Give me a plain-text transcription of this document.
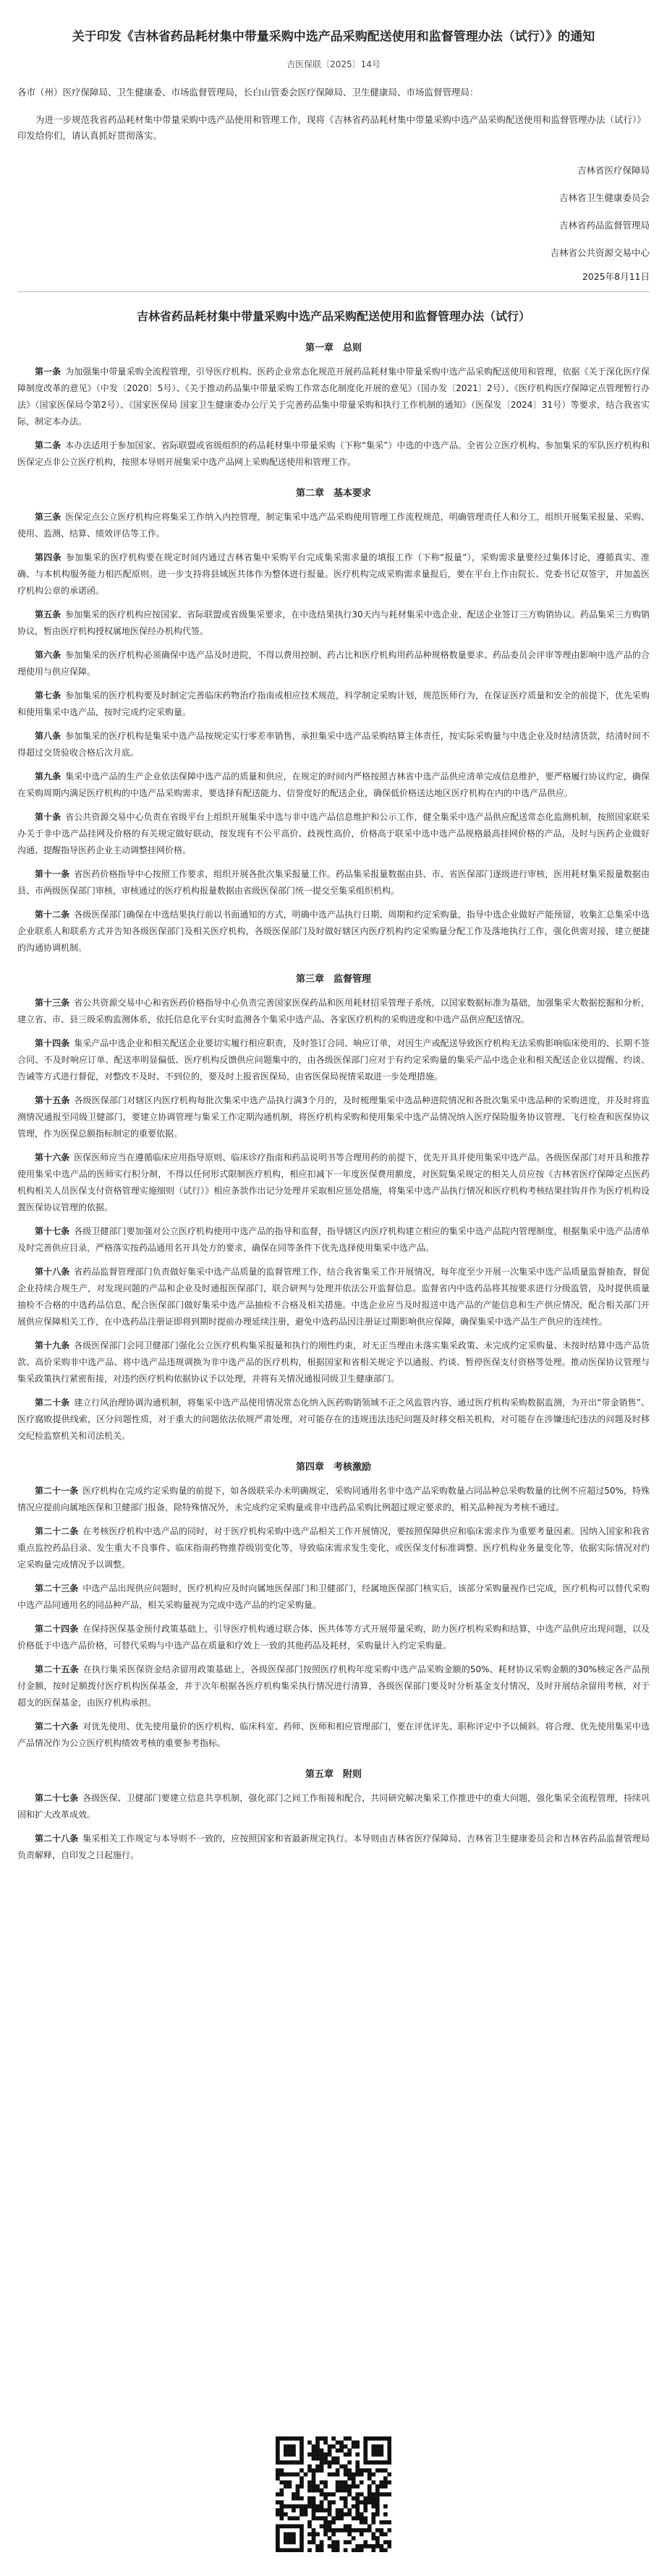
关于印发《吉林省药品耗材集中带量采购中选产品采购配送使用和监督管理办法（试行）》的通知
吉医保联〔2025〕14号
各市（州）医疗保障局、卫生健康委、市场监督管理局，长白山管委会医疗保障局、卫生健康局、市场监督管理局：

为进一步规范我省药品耗材集中带量采购中选产品使用和管理工作，现将《吉林省药品耗材集中带量采购中选产品采购配送使用和监督管理办法（试行）》印发给你们，请认真抓好贯彻落实。

吉林省医疗保障局
吉林省卫生健康委员会
吉林省药品监督管理局
吉林省公共资源交易中心
2025年8月11日
吉林省药品耗材集中带量采购中选产品采购配送使用和监督管理办法（试行）
第一章　总则

第一条 为加强集中带量采购全流程管理，引导医疗机构、医药企业常态化规范开展药品耗材集中带量采购中选产品采购配送使用和管理，依据《关于深化医疗保障制度改革的意见》（中发〔2020〕5号）、《关于推动药品集中带量采购工作常态化制度化开展的意见》（国办发〔2021〕2号）、《医疗机构医疗保障定点管理暂行办法》（国家医保局令第2号）、《国家医保局 国家卫生健康委办公厅关于完善药品集中带量采购和执行工作机制的通知》（医保发〔2024〕31号）等要求，结合我省实际，制定本办法。

第二条 本办法适用于参加国家、省际联盟或省级组织的药品耗材集中带量采购（下称“集采”）中选的中选产品。全省公立医疗机构、参加集采的军队医疗机构和医保定点非公立医疗机构，按照本导则开展集采中选产品网上采购配送使用和管理工作。

第二章　基本要求

第三条 医保定点公立医疗机构应将集采工作纳入内控管理，制定集采中选产品采购使用管理工作流程规范，明确管理责任人和分工，组织开展集采报量、采购、使用、监测、结算、绩效评估等工作。

第四条 参加集采的医疗机构要在规定时间内通过吉林省集中采购平台完成集采需求量的填报工作（下称“报量”），采购需求量要经过集体讨论，遵循真实、准确、与本机构服务能力相匹配原则。进一步支持将县域医共体作为整体进行报量。医疗机构完成采购需求量报后，要在平台上作由院长、党委书记双签字，并加盖医疗机构公章的承诺函。

第五条 参加集采的医疗机构应按国家、省际联盟或省级集采要求，在中选结果执行30天内与耗材集采中选企业、配送企业签订三方购销协议。药品集采三方购销协议，暂由医疗机构授权属地医保经办机构代签。

第六条 参加集采的医疗机构必须确保中选产品及时进院，不得以费用控制、药占比和医疗机构用药品种规格数量要求、药品委员会评审等理由影响中选产品的合理使用与供应保障。

第七条 参加集采的医疗机构要及时制定完善临床药物治疗指南或相应技术规范，科学制定采购计划，规范医师行为，在保证医疗质量和安全的前提下，优先采购和使用集采中选产品，按时完成约定采购量。

第八条 参加集采的医疗机构是集采中选产品按规定实行零差率销售，承担集采中选产品采购结算主体责任，按实际采购量与中选企业及时结清货款，结清时间不得超过交货验收合格后次月底。

第九条 集采中选产品的生产企业依法保障中选产品的质量和供应，在规定的时间内严格按照吉林省中选产品供应清单完成信息维护，要严格履行协议约定，确保在采购周期内满足医疗机构的中选产品采购需求，要选择有配送能力、信誉度好的配送企业，确保低价格送达地区医疗机构在内的中选产品供应。

第十条 省公共资源交易中心负责在省级平台上组织开展集采中选与非中选产品信息维护和公示工作，健全集采中选产品供应配送常态化监测机制，按照国家联采办关于非中选产品挂网及价格的有关规定做好联动，按发现有不公平高价、歧视性高价，价格高于联采中选中选产品规格最高挂网价格的产品，及时与医药企业做好沟通、提醒指导医药企业主动调整挂网价格。

第十一条 省医药价格指导中心按照工作要求，组织开展各批次集采报量工作。药品集采报量数据由县、市、省医保部门逐级进行审核，医用耗材集采报量数据由县、市两级医保部门审核，审核通过的医疗机构报量数据由省级医保部门统一提交至集采组织机构。

第十二条 各级医保部门确保在中选结果执行前以书面通知的方式，明确中选产品执行日期、周期和约定采购量，指导中选企业做好产能预留，收集汇总集采中选企业联系人和联系方式并告知各级医保部门及相关医疗机构，各级医保部门及时做好辖区内医疗机构约定采购量分配工作及落地执行工作，强化供需对接，建立便捷的沟通协调机制。

第三章　监督管理

第十三条 省公共资源交易中心和省医药价格指导中心负责完善国家医保药品和医用耗材招采管理子系统，以国家数据标准为基础，加强集采大数据挖掘和分析，建立省、市、县三级采购监测体系，依托信息化平台实时监测各个集采中选产品、各家医疗机构的采购进度和中选产品供应配送情况。

第十四条 集采产品中选企业和相关配送企业要切实履行相应职责，及时签订合同、响应订单，对因生产或配送导致医疗机构无法采购影响临床使用的、长期不签合同、不及时响应订单、配送率明显偏低、医疗机构反馈供应问题集中的，由各级医保部门应对于有约定采购量的集采产品中选企业和相关配送企业以提醒、约谈、告诫等方式进行督促，对整改不及时、不到位的，要及时上报省医保局，由省医保局视情采取进一步处理措施。

第十五条 各级医保部门对辖区内医疗机构每批次集采中选产品执行满3个月的，及时梳理集采中选品种进院情况和各批次集采中选品种的采购进度，并及时将监测情况通报至同级卫健部门，要建立协调管理与集采工作定期沟通机制，将医疗机构采购和使用集采中选产品情况纳入医疗保险服务协议管理、飞行检查和医保协议管理，作为医保总额指标制定的重要依据。

第十六条 医保医师应当在遵循临床应用指导原则、临床诊疗指南和药品说明书等合理用药的前提下，优先开具并使用集采中选产品。各级医保部门对开具和推荐使用集采中选产品的医师实行积分制，不得以任何形式限制医疗机构，相应扣减下一年度医保费用额度，对医院集采规定的相关人员应按《吉林省医疗保障定点医药机构相关人员医保支付资格管理实施细则（试行）》相应条款作出记分处理并采取相应惩处措施，将集采中选产品执行情况和医疗机构考核结果挂钩并作为医疗机构设置医保协议管理的依据。

第十七条 各级卫健部门要加强对公立医疗机构使用中选产品的指导和监督，指导辖区内医疗机构建立相应的集采中选产品院内管理制度，根据集采中选产品清单及时完善供应目录，严格落实按药品通用名开具处方的要求，确保在同等条件下优先选择使用集采中选产品。

第十八条 省药品监督管理部门负责做好集采中选产品质量的监督管理工作，结合我省集采工作开展情况，每年度至少开展一次集采中选产品质量监督抽查，督促企业持续合规生产，对发现问题的产品和企业及时通报医保部门，联合研判与处理并依法公开监督信息。监督省内中选药品将其按要求进行分级监管，及时提供质量抽检不合格的中选药品信息，配合医保部门做好集采中选产品抽检不合格及相关措施。中选企业应当及时报送中选产品的产能信息和生产供应情况，配合相关部门开展供应保障相关工作，在中选药品注册证即将到期时提前办理延续注册，避免中选药品因注册证过期影响供应保障，确保集采中选产品生产供应的连续性。

第十九条 各级医保部门会同卫健部门强化公立医疗机构集采报量和执行的刚性约束，对无正当理由未落实集采政策、未完成约定采购量、未按时结算中选产品货款、高价采购非中选产品、将中选产品违规调换为非中选产品的医疗机构，根据国家和省相关规定予以通报、约谈、暂停医保支付资格等处理。推动医保协议管理与集采政策执行紧密衔接，对违约医疗机构依据协议予以处理，并将有关情况通报同级卫生健康部门。

第二十条 建立行风治理协调沟通机制，将集采中选产品使用情况常态化纳入医药购销领域不正之风监管内容，通过医疗机构采购数据监测，为开出“带金销售”、医疗腐败提供线索，区分问题性质，对于重大的问题依法依规严肃处理，对可能存在的违规违法违纪问题及时移交相关机构，对可能存在涉嫌违纪违法的问题及时移交纪检监察机关和司法机关。

第四章　考核激励

第二十一条 医疗机构在完成约定采购量的前提下，如各级联采办未明确规定，采购同通用名非中选产品采购数量占同品种总采购数量的比例不应超过50%，特殊情况应提前向属地医保和卫健部门报备，除特殊情况外，未完成约定采购量或非中选药品采购比例超过规定要求的，相关品种视为考核不通过。

第二十二条 在考核医疗机构中选产品的同时，对于医疗机构采购中选产品相关工作开展情况，要按照保障供应和临床需求作为重要考量因素。因纳入国家和我省重点监控药品目录、发生重大不良事件、临床指南药物推荐级别变化等，导致临床需求发生变化，或医保支付标准调整、医疗机构业务量变化等，依据实际情况对约定采购量完成情况予以调整。

第二十三条 中选产品出现供应问题时，医疗机构应及时向属地医保部门和卫健部门，经属地医保部门核实后，该部分采购量视作已完成，医疗机构可以替代采购中选产品同通用名的同品种产品，相关采购量视为完成中选产品的约定采购量。

第二十四条 在保持医保基金预付政策基础上，引导医疗机构通过联合体、医共体等方式开展带量采购，助力医疗机构采购和结算，中选产品供应出现问题，以及价格低于中选产品价格，可替代采购与中选产品在质量和疗效上一致的其他药品及耗材，采购量计入约定采购量。

第二十五条 在执行集采医保资金结余留用政策基础上，各级医保部门按照医疗机构年度采购中选产品采购金额的50%、耗材协议采购金额的30%核定各产品预付金额，按时足额拨付医疗机构医保基金，并于次年根据各医疗机构集采执行情况进行清算，各级医保部门要及时分析基金支付情况，及时开展结余留用考核，对于超支的医保基金，由医疗机构承担。

第二十六条 对优先使用、优先使用量价的医疗机构、临床科室、药师、医师和相应管理部门，要在评优评先、职称评定中予以倾斜。将合理、优先使用集采中选产品情况作为公立医疗机构绩效考核的重要参考指标。

第五章　附则

第二十七条 各级医保、卫健部门要建立信息共享机制，强化部门之间工作衔接和配合，共同研究解决集采工作推进中的重大问题，强化集采全流程管理，持续巩固和扩大改革成效。

第二十八条 集采相关工作规定与本导则不一致的，应按照国家和省最新规定执行。本导则由吉林省医疗保障局、吉林省卫生健康委员会和吉林省药品监督管理局负责解释，自印发之日起施行。
